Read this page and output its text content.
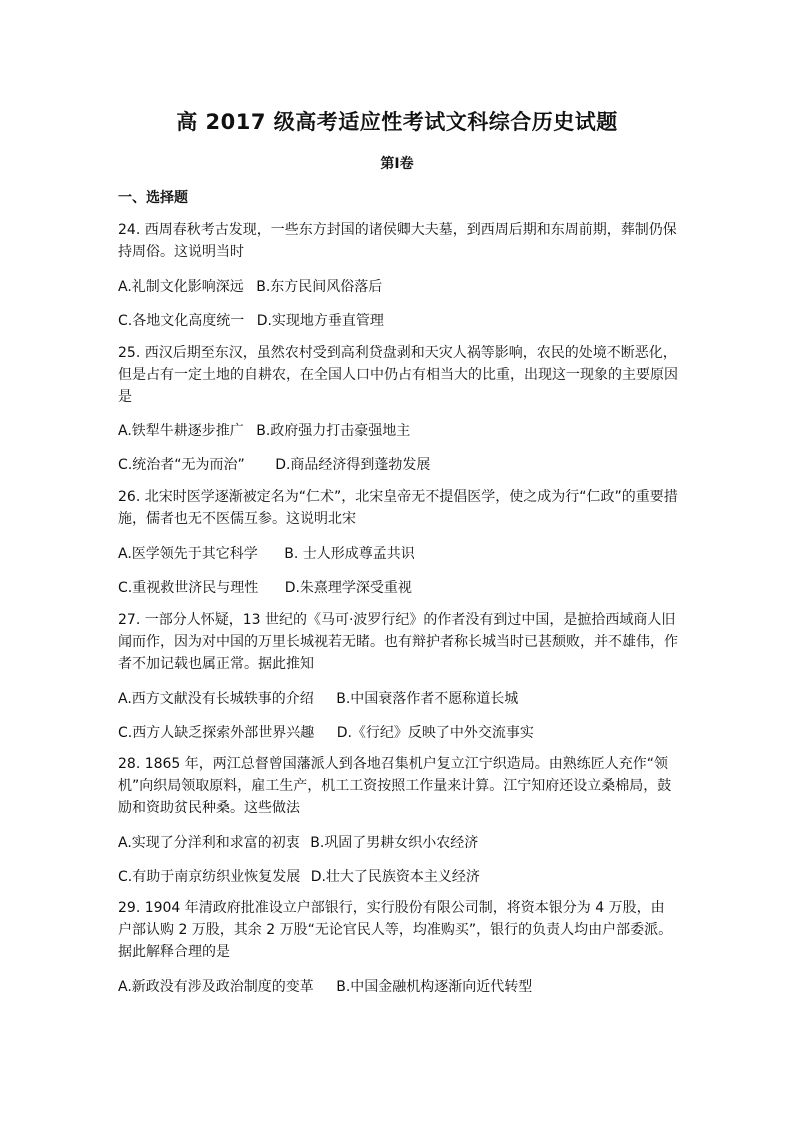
高 2017 级高考适应性考试文科综合历史试题
第Ⅰ卷
一、选择题
24. 西周春秋考古发现，一些东方封国的诸侯卿大夫墓，到西周后期和东周前期，葬制仍保持周俗。这说明当时
A.礼制文化影响深远 B.东方民间风俗落后
C.各地文化高度统一 D.实现地方垂直管理
25. 西汉后期至东汉，虽然农村受到高利贷盘剥和天灾人祸等影响，农民的处境不断恶化，但是占有一定土地的自耕农，在全国人口中仍占有相当大的比重，出现这一现象的主要原因是
A.铁犁牛耕逐步推广 B.政府强力打击豪强地主
C.统治者“无为而治” D.商品经济得到蓬勃发展
26. 北宋时医学逐渐被定名为“仁术”，北宋皇帝无不提倡医学，使之成为行“仁政”的重要措施，儒者也无不医儒互参。这说明北宋
A.医学领先于其它科学 B. 士人形成尊孟共识
C.重视救世济民与理性 D.朱熹理学深受重视
27. 一部分人怀疑，13 世纪的《马可·波罗行纪》的作者没有到过中国，是摭拾西域商人旧闻而作，因为对中国的万里长城视若无睹。也有辩护者称长城当时已甚颓败，并不雄伟，作者不加记载也属正常。据此推知
A.西方文献没有长城轶事的介绍 B.中国衰落作者不愿称道长城
C.西方人缺乏探索外部世界兴趣 D.《行纪》反映了中外交流事实
28. 1865 年，两江总督曾国藩派人到各地召集机户复立江宁织造局。由熟练匠人充作“领机”向织局领取原料，雇工生产，机工工资按照工作量来计算。江宁知府还设立桑棉局，鼓励和资助贫民种桑。这些做法
A.实现了分洋利和求富的初衷 B.巩固了男耕女织小农经济
C.有助于南京纺织业恢复发展 D.壮大了民族资本主义经济
29. 1904 年清政府批准设立户部银行，实行股份有限公司制，将资本银分为 4 万股，由户部认购 2 万股，其余 2 万股“无论官民人等，均准购买”，银行的负责人均由户部委派。据此解释合理的是
A.新政没有涉及政治制度的变革 B.中国金融机构逐渐向近代转型
